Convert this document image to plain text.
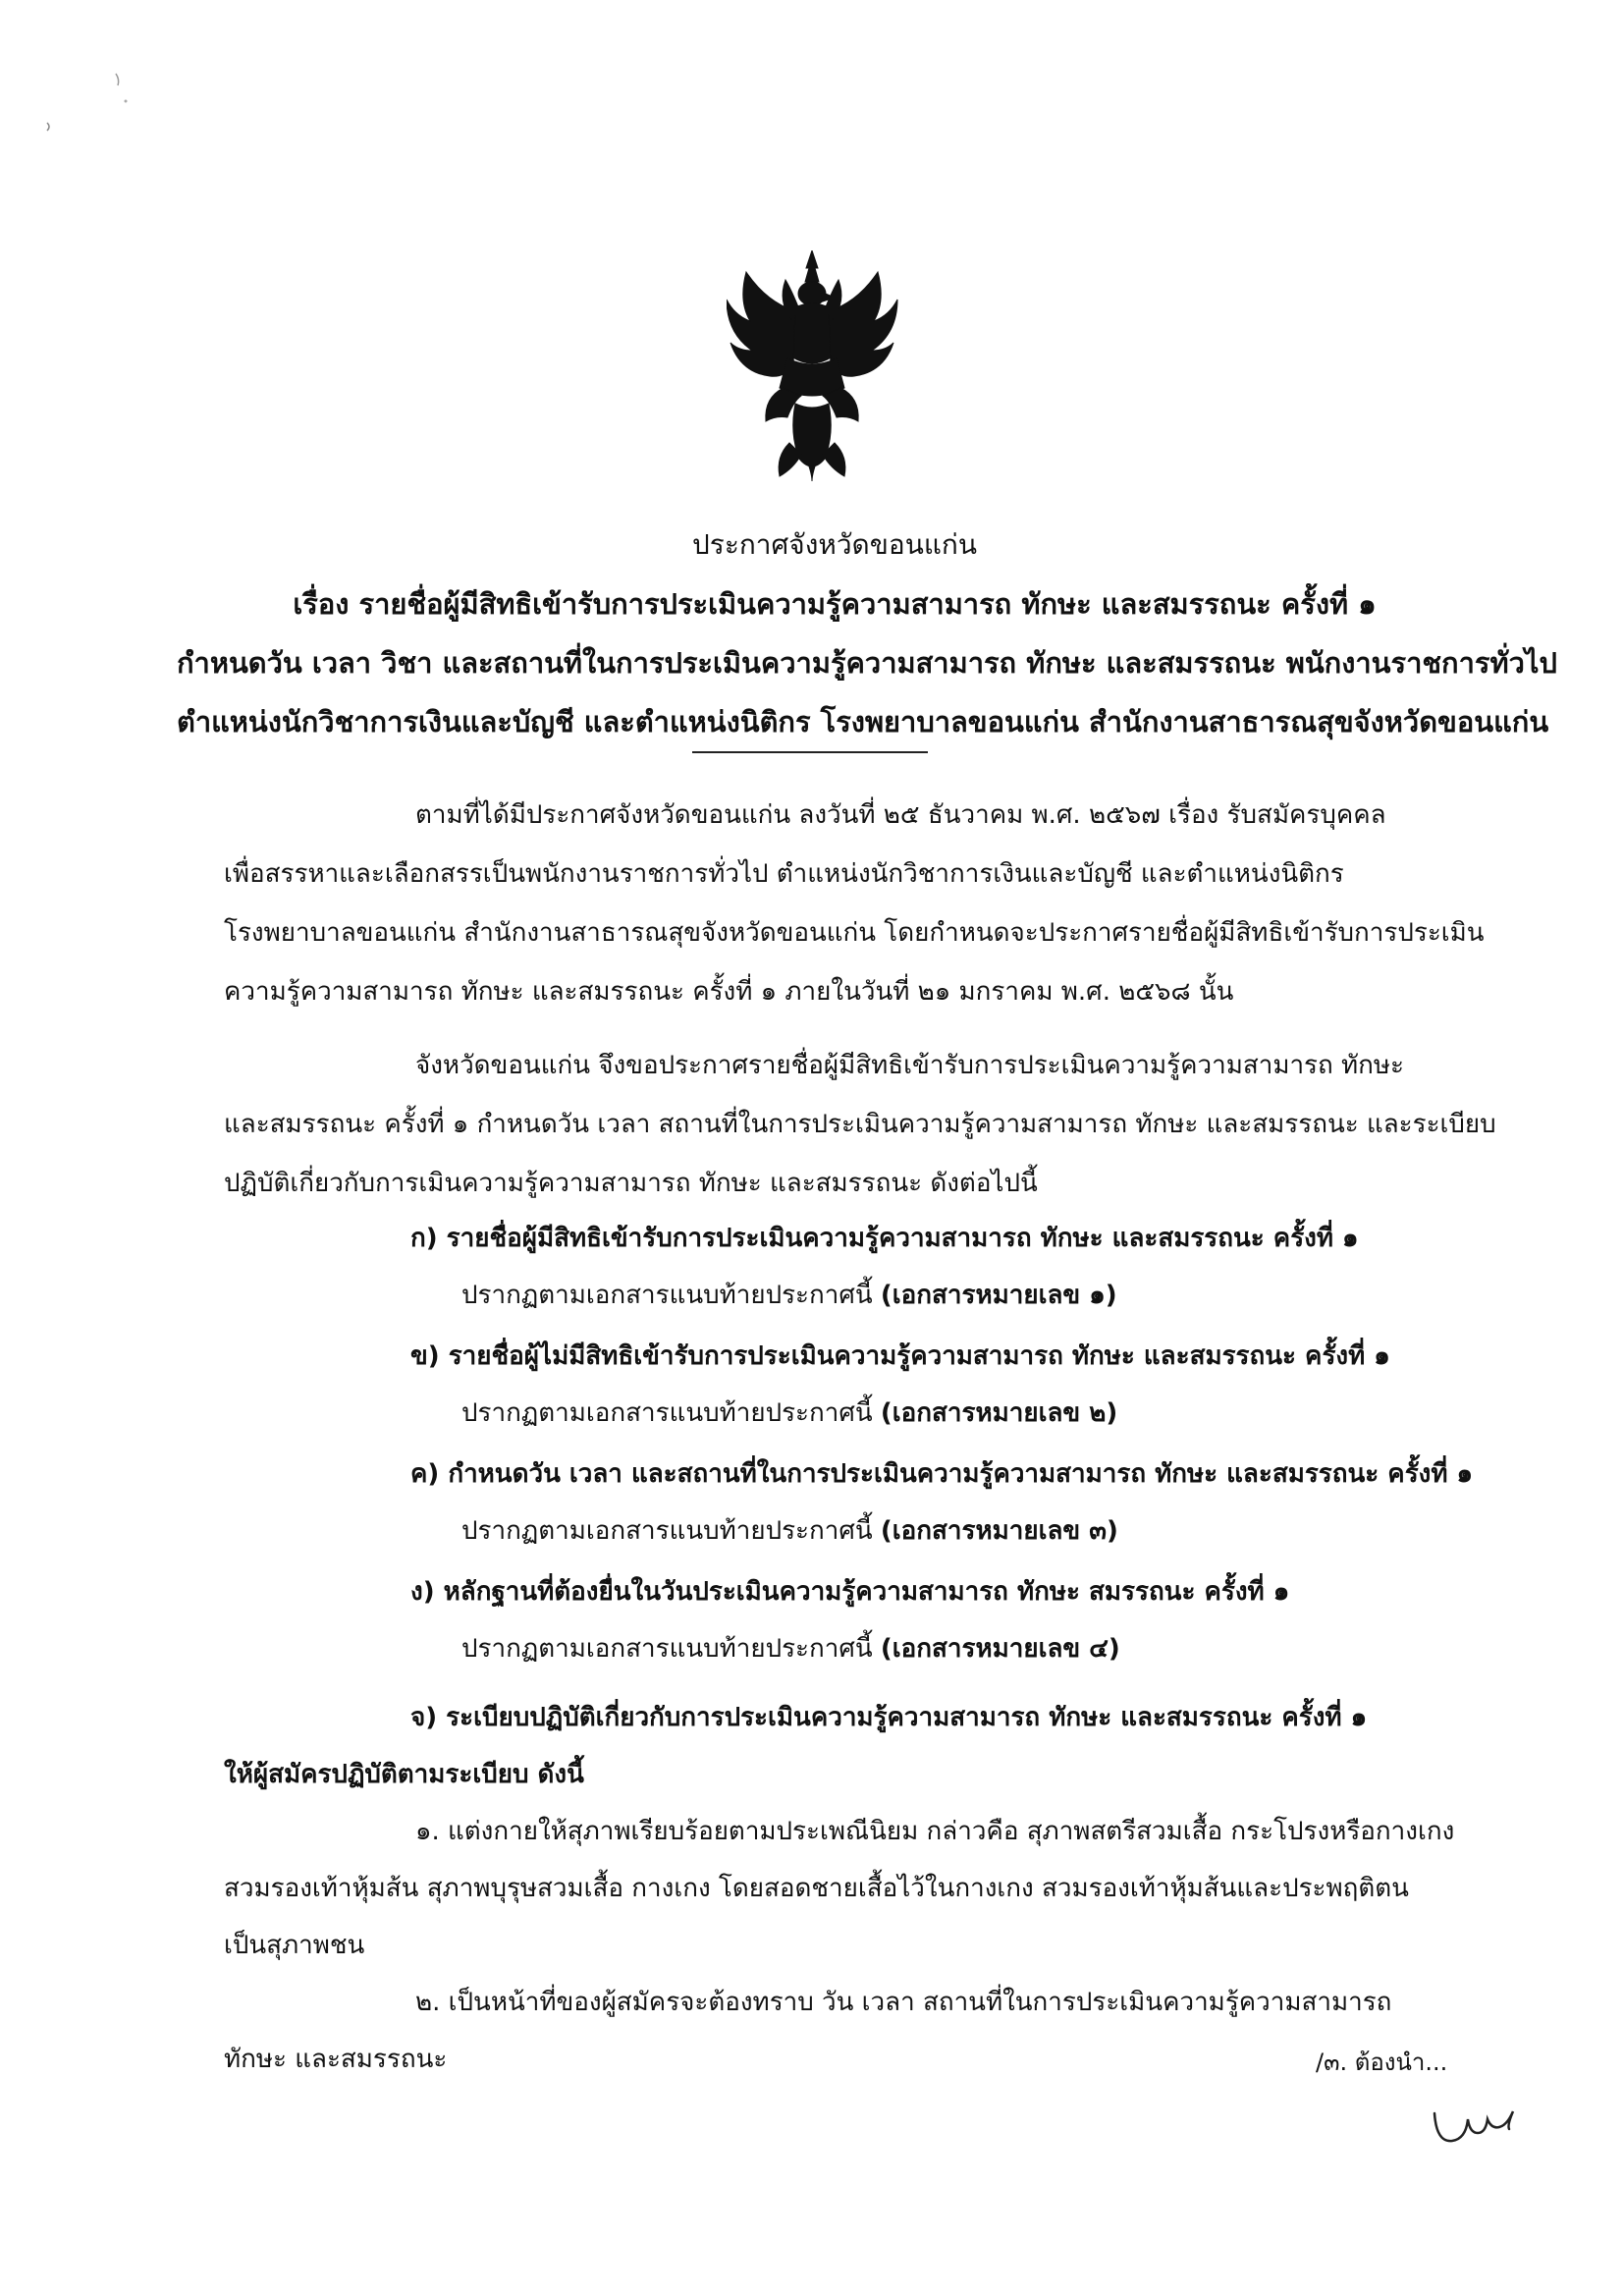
ประกาศจังหวัดขอนแก่น
เรื่อง รายชื่อผู้มีสิทธิเข้ารับการประเมินความรู้ความสามารถ ทักษะ และสมรรถนะ ครั้งที่ ๑
กำหนดวัน เวลา วิชา และสถานที่ในการประเมินความรู้ความสามารถ ทักษะ และสมรรถนะ พนักงานราชการทั่วไป
ตำแหน่งนักวิชาการเงินและบัญชี และตำแหน่งนิติกร โรงพยาบาลขอนแก่น สำนักงานสาธารณสุขจังหวัดขอนแก่น
ตามที่ได้มีประกาศจังหวัดขอนแก่น ลงวันที่ ๒๕ ธันวาคม พ.ศ. ๒๕๖๗ เรื่อง รับสมัครบุคคล
เพื่อสรรหาและเลือกสรรเป็นพนักงานราชการทั่วไป ตำแหน่งนักวิชาการเงินและบัญชี และตำแหน่งนิติกร
โรงพยาบาลขอนแก่น สำนักงานสาธารณสุขจังหวัดขอนแก่น โดยกำหนดจะประกาศรายชื่อผู้มีสิทธิเข้ารับการประเมิน
ความรู้ความสามารถ ทักษะ และสมรรถนะ ครั้งที่ ๑ ภายในวันที่ ๒๑ มกราคม พ.ศ. ๒๕๖๘ นั้น
จังหวัดขอนแก่น จึงขอประกาศรายชื่อผู้มีสิทธิเข้ารับการประเมินความรู้ความสามารถ ทักษะ
และสมรรถนะ ครั้งที่ ๑ กำหนดวัน เวลา สถานที่ในการประเมินความรู้ความสามารถ ทักษะ และสมรรถนะ และระเบียบ
ปฏิบัติเกี่ยวกับการเมินความรู้ความสามารถ ทักษะ และสมรรถนะ ดังต่อไปนี้
ก) รายชื่อผู้มีสิทธิเข้ารับการประเมินความรู้ความสามารถ ทักษะ และสมรรถนะ ครั้งที่ ๑
ปรากฏตามเอกสารแนบท้ายประกาศนี้ (เอกสารหมายเลข ๑)
ข) รายชื่อผู้ไม่มีสิทธิเข้ารับการประเมินความรู้ความสามารถ ทักษะ และสมรรถนะ ครั้งที่ ๑
ปรากฏตามเอกสารแนบท้ายประกาศนี้ (เอกสารหมายเลข ๒)
ค) กำหนดวัน เวลา และสถานที่ในการประเมินความรู้ความสามารถ ทักษะ และสมรรถนะ ครั้งที่ ๑
ปรากฏตามเอกสารแนบท้ายประกาศนี้ (เอกสารหมายเลข ๓)
ง) หลักฐานที่ต้องยื่นในวันประเมินความรู้ความสามารถ ทักษะ สมรรถนะ ครั้งที่ ๑
ปรากฏตามเอกสารแนบท้ายประกาศนี้ (เอกสารหมายเลข ๔)
จ) ระเบียบปฏิบัติเกี่ยวกับการประเมินความรู้ความสามารถ ทักษะ และสมรรถนะ ครั้งที่ ๑
ให้ผู้สมัครปฏิบัติตามระเบียบ ดังนี้
๑. แต่งกายให้สุภาพเรียบร้อยตามประเพณีนิยม กล่าวคือ สุภาพสตรีสวมเสื้อ กระโปรงหรือกางเกง
สวมรองเท้าหุ้มส้น สุภาพบุรุษสวมเสื้อ กางเกง โดยสอดชายเสื้อไว้ในกางเกง สวมรองเท้าหุ้มส้นและประพฤติตน
เป็นสุภาพชน
๒. เป็นหน้าที่ของผู้สมัครจะต้องทราบ วัน เวลา สถานที่ในการประเมินความรู้ความสามารถ
ทักษะ และสมรรถนะ	/๓. ต้องนำ...
